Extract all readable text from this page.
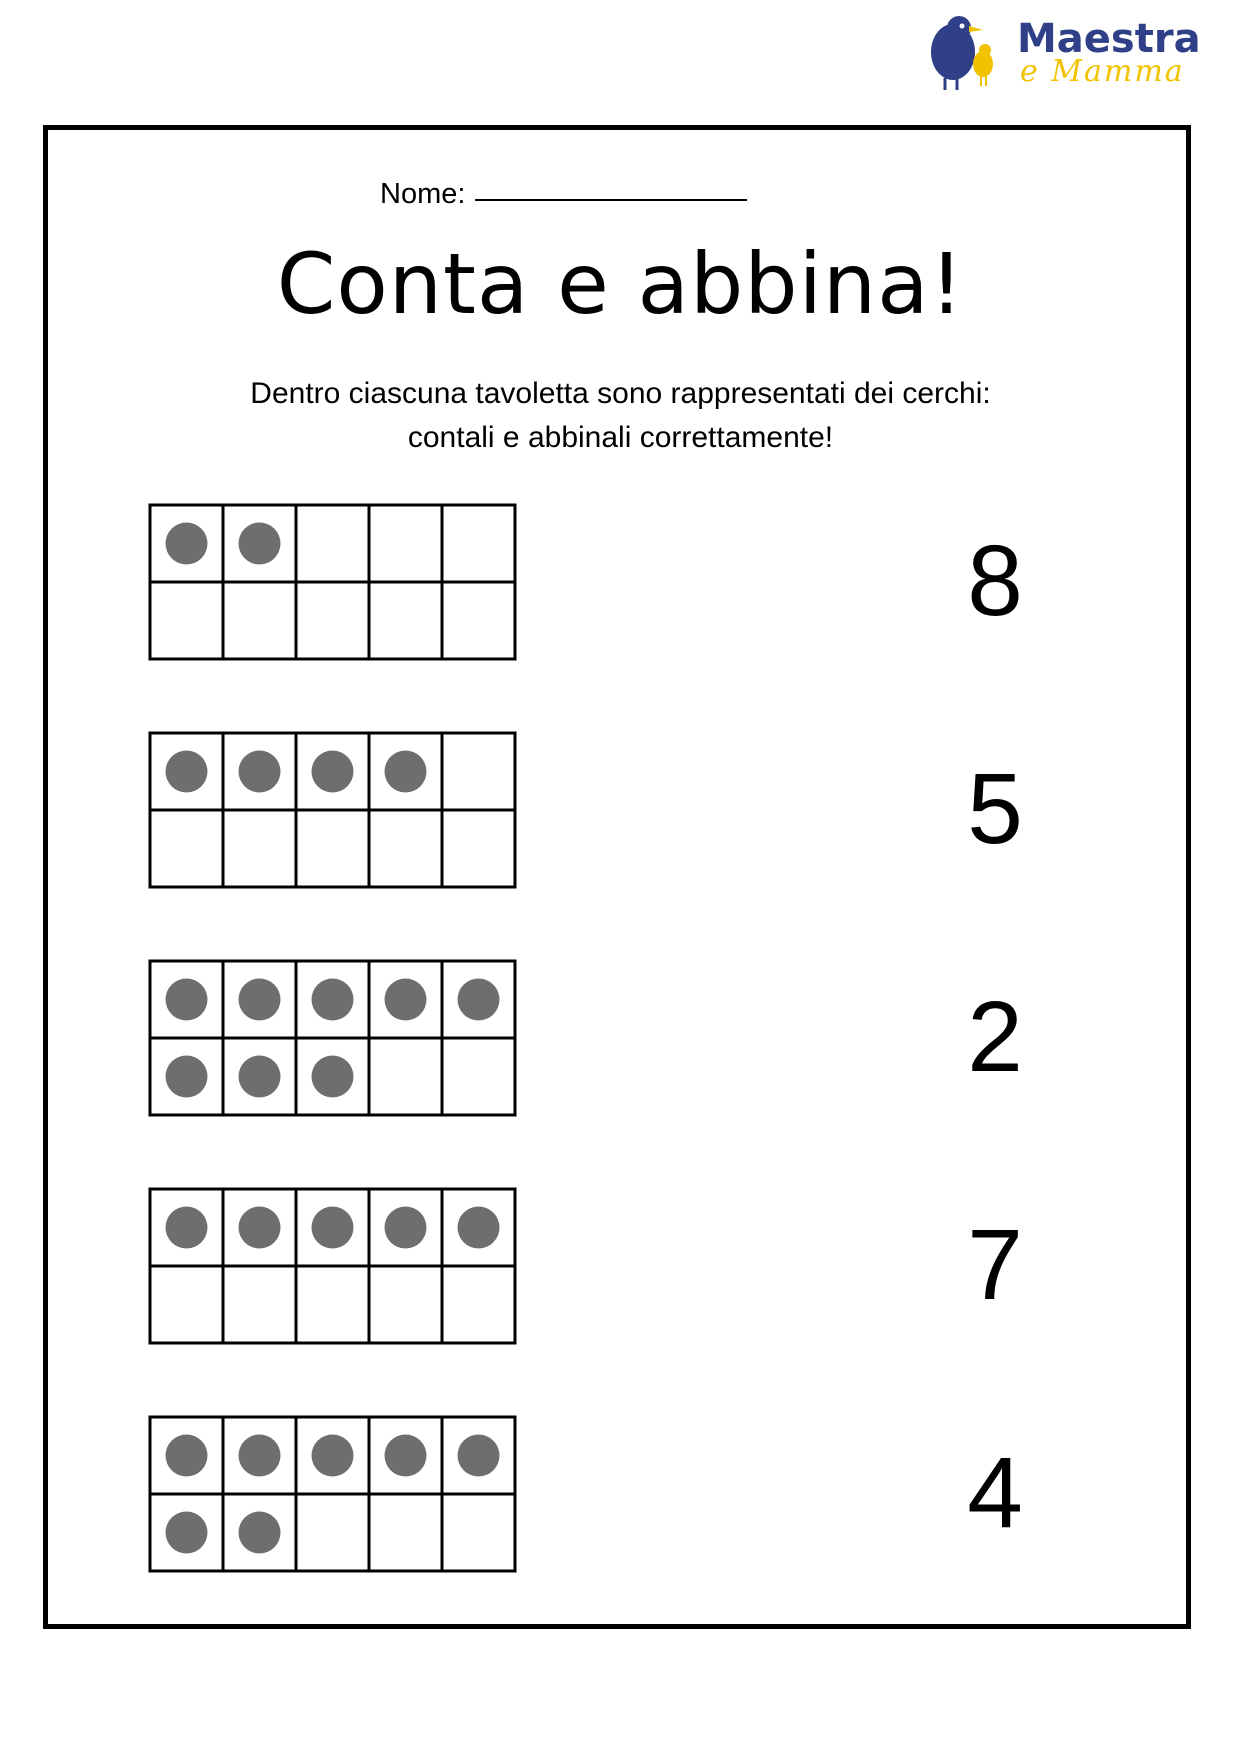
Maestra
e Mamma
Nome:
Conta e abbina!
Dentro ciascuna tavoletta sono rappresentati dei cerchi:
contali e abbinali correttamente!
8
5
2
7
4
